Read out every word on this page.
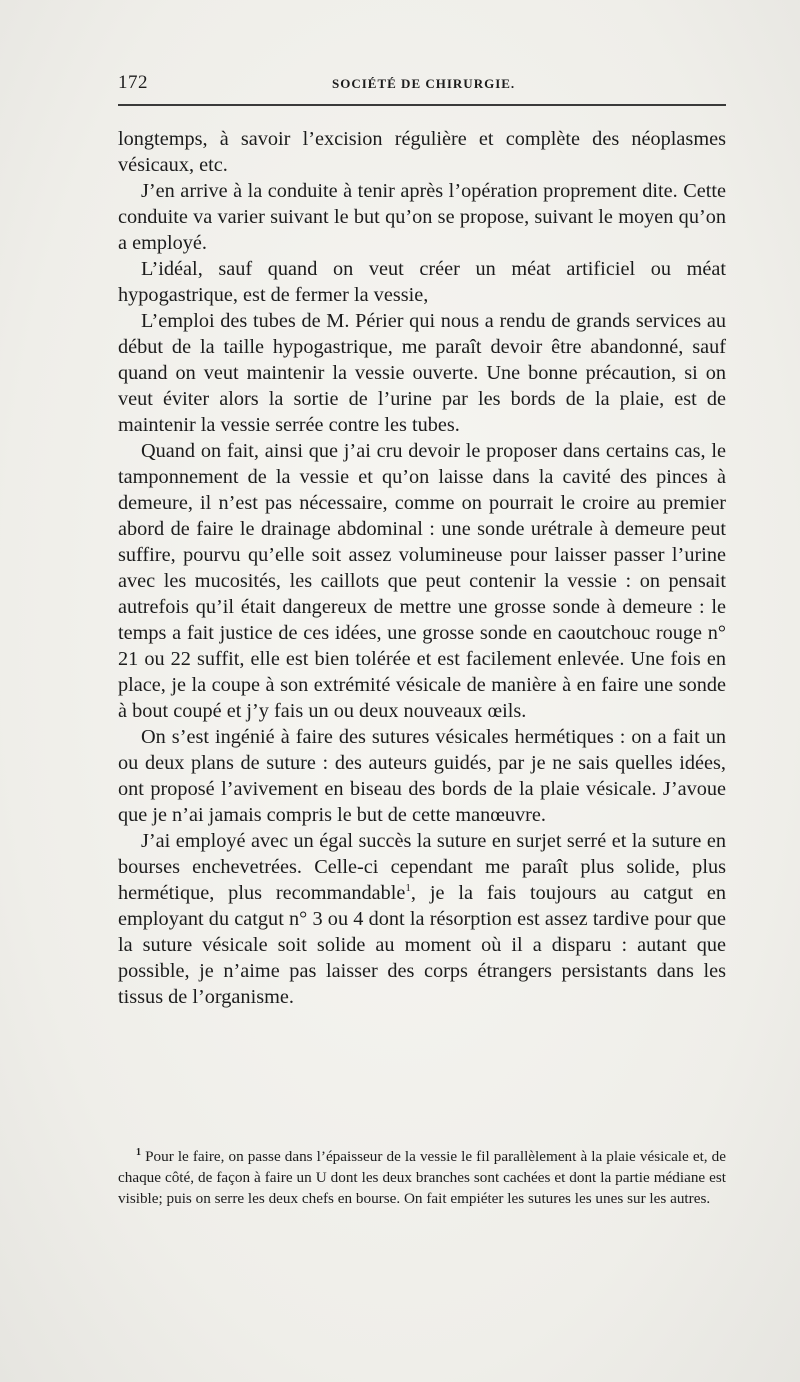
172	SOCIÉTÉ DE CHIRURGIE.

longtemps, à savoir l’excision régulière et complète des néoplasmes vésicaux, etc.

J’en arrive à la conduite à tenir après l’opération proprement dite. Cette conduite va varier suivant le but qu’on se propose, suivant le moyen qu’on a employé.

L’idéal, sauf quand on veut créer un méat artificiel ou méat hypogastrique, est de fermer la vessie,

L’emploi des tubes de M. Périer qui nous a rendu de grands services au début de la taille hypogastrique, me paraît devoir être abandonné, sauf quand on veut maintenir la vessie ouverte. Une bonne précaution, si on veut éviter alors la sortie de l’urine par les bords de la plaie, est de maintenir la vessie serrée contre les tubes.

Quand on fait, ainsi que j’ai cru devoir le proposer dans certains cas, le tamponnement de la vessie et qu’on laisse dans la cavité des pinces à demeure, il n’est pas nécessaire, comme on pourrait le croire au premier abord de faire le drainage abdominal : une sonde urétrale à demeure peut suffire, pourvu qu’elle soit assez volumineuse pour laisser passer l’urine avec les mucosités, les caillots que peut contenir la vessie : on pensait autrefois qu’il était dangereux de mettre une grosse sonde à demeure : le temps a fait justice de ces idées, une grosse sonde en caoutchouc rouge n° 21 ou 22 suffit, elle est bien tolérée et est facilement enlevée. Une fois en place, je la coupe à son extrémité vésicale de manière à en faire une sonde à bout coupé et j’y fais un ou deux nouveaux œils.

On s’est ingénié à faire des sutures vésicales hermétiques : on a fait un ou deux plans de suture : des auteurs guidés, par je ne sais quelles idées, ont proposé l’avivement en biseau des bords de la plaie vésicale. J’avoue que je n’ai jamais compris le but de cette manœuvre.

J’ai employé avec un égal succès la suture en surjet serré et la suture en bourses enchevetrées. Celle-ci cependant me paraît plus solide, plus hermétique, plus recommandable$^1$, je la fais toujours au catgut en employant du catgut n° 3 ou 4 dont la résorption est assez tardive pour que la suture vésicale soit solide au moment où il a disparu : autant que possible, je n’aime pas laisser des corps étrangers persistants dans les tissus de l’organisme.

$^1$ Pour le faire, on passe dans l’épaisseur de la vessie le fil parallèlement à la plaie vésicale et, de chaque côté, de façon à faire un U dont les deux branches sont cachées et dont la partie médiane est visible; puis on serre les deux chefs en bourse. On fait empiéter les sutures les unes sur les autres.
